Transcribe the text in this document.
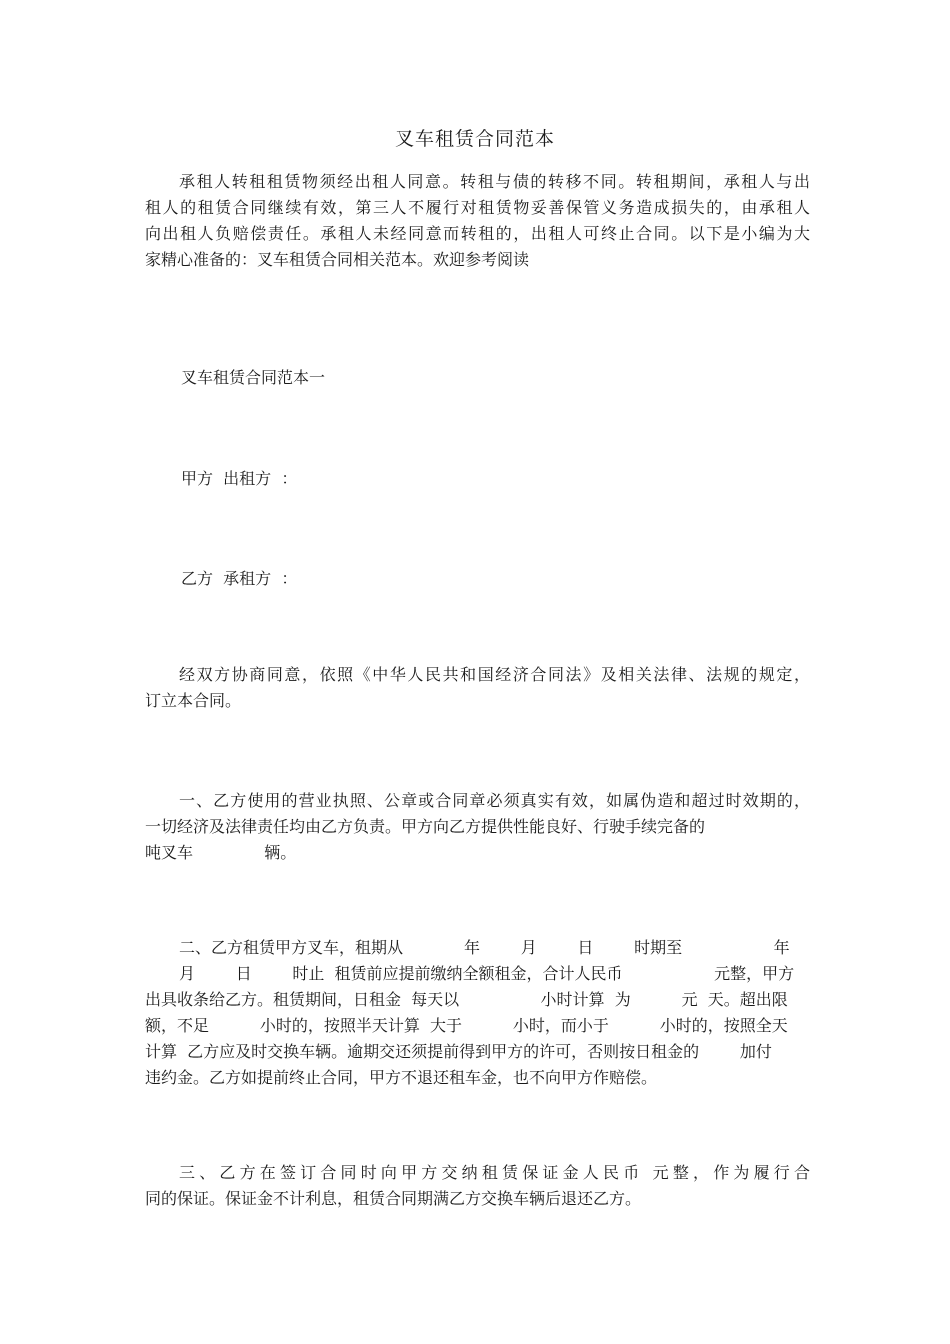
叉车租赁合同范本
承租人转租租赁物须经出租人同意。转租与债的转移不同。转租期间，承租人与出
租人的租赁合同继续有效，第三人不履行对租赁物妥善保管义务造成损失的，由承租人
向出租人负赔偿责任。承租人未经同意而转租的，出租人可终止合同。以下是小编为大
家精心准备的：叉车租赁合同相关范本。欢迎参考阅读
叉车租赁合同范本一
甲方  出租方  ：
乙方  承租方  ：
经双方协商同意，依照《中华人民共和国经济合同法》及相关法律、法规的规定，
订立本合同。
一、乙方使用的营业执照、公章或合同章必须真实有效，如属伪造和超过时效期的，
一切经济及法律责任均由乙方负责。甲方向乙方提供性能良好、行驶手续完备的
吨叉车              辆。
二、乙方租赁甲方叉车，租期从            年        月        日        时期至                  年
月        日        时止  租赁前应提前缴纳全额租金，合计人民币                  元整，甲方
出具收条给乙方。租赁期间，日租金  每天以                小时计算  为          元  天。超出限
额，不足          小时的，按照半天计算  大于          小时，而小于          小时的，按照全天
计算  乙方应及时交换车辆。逾期交还须提前得到甲方的许可，否则按日租金的        加付
违约金。乙方如提前终止合同，甲方不退还租车金，也不向甲方作赔偿。
三、乙方在签订合同时向甲方交纳租赁保证金人民币 元整，作为履行合
同的保证。保证金不计利息，租赁合同期满乙方交换车辆后退还乙方。
